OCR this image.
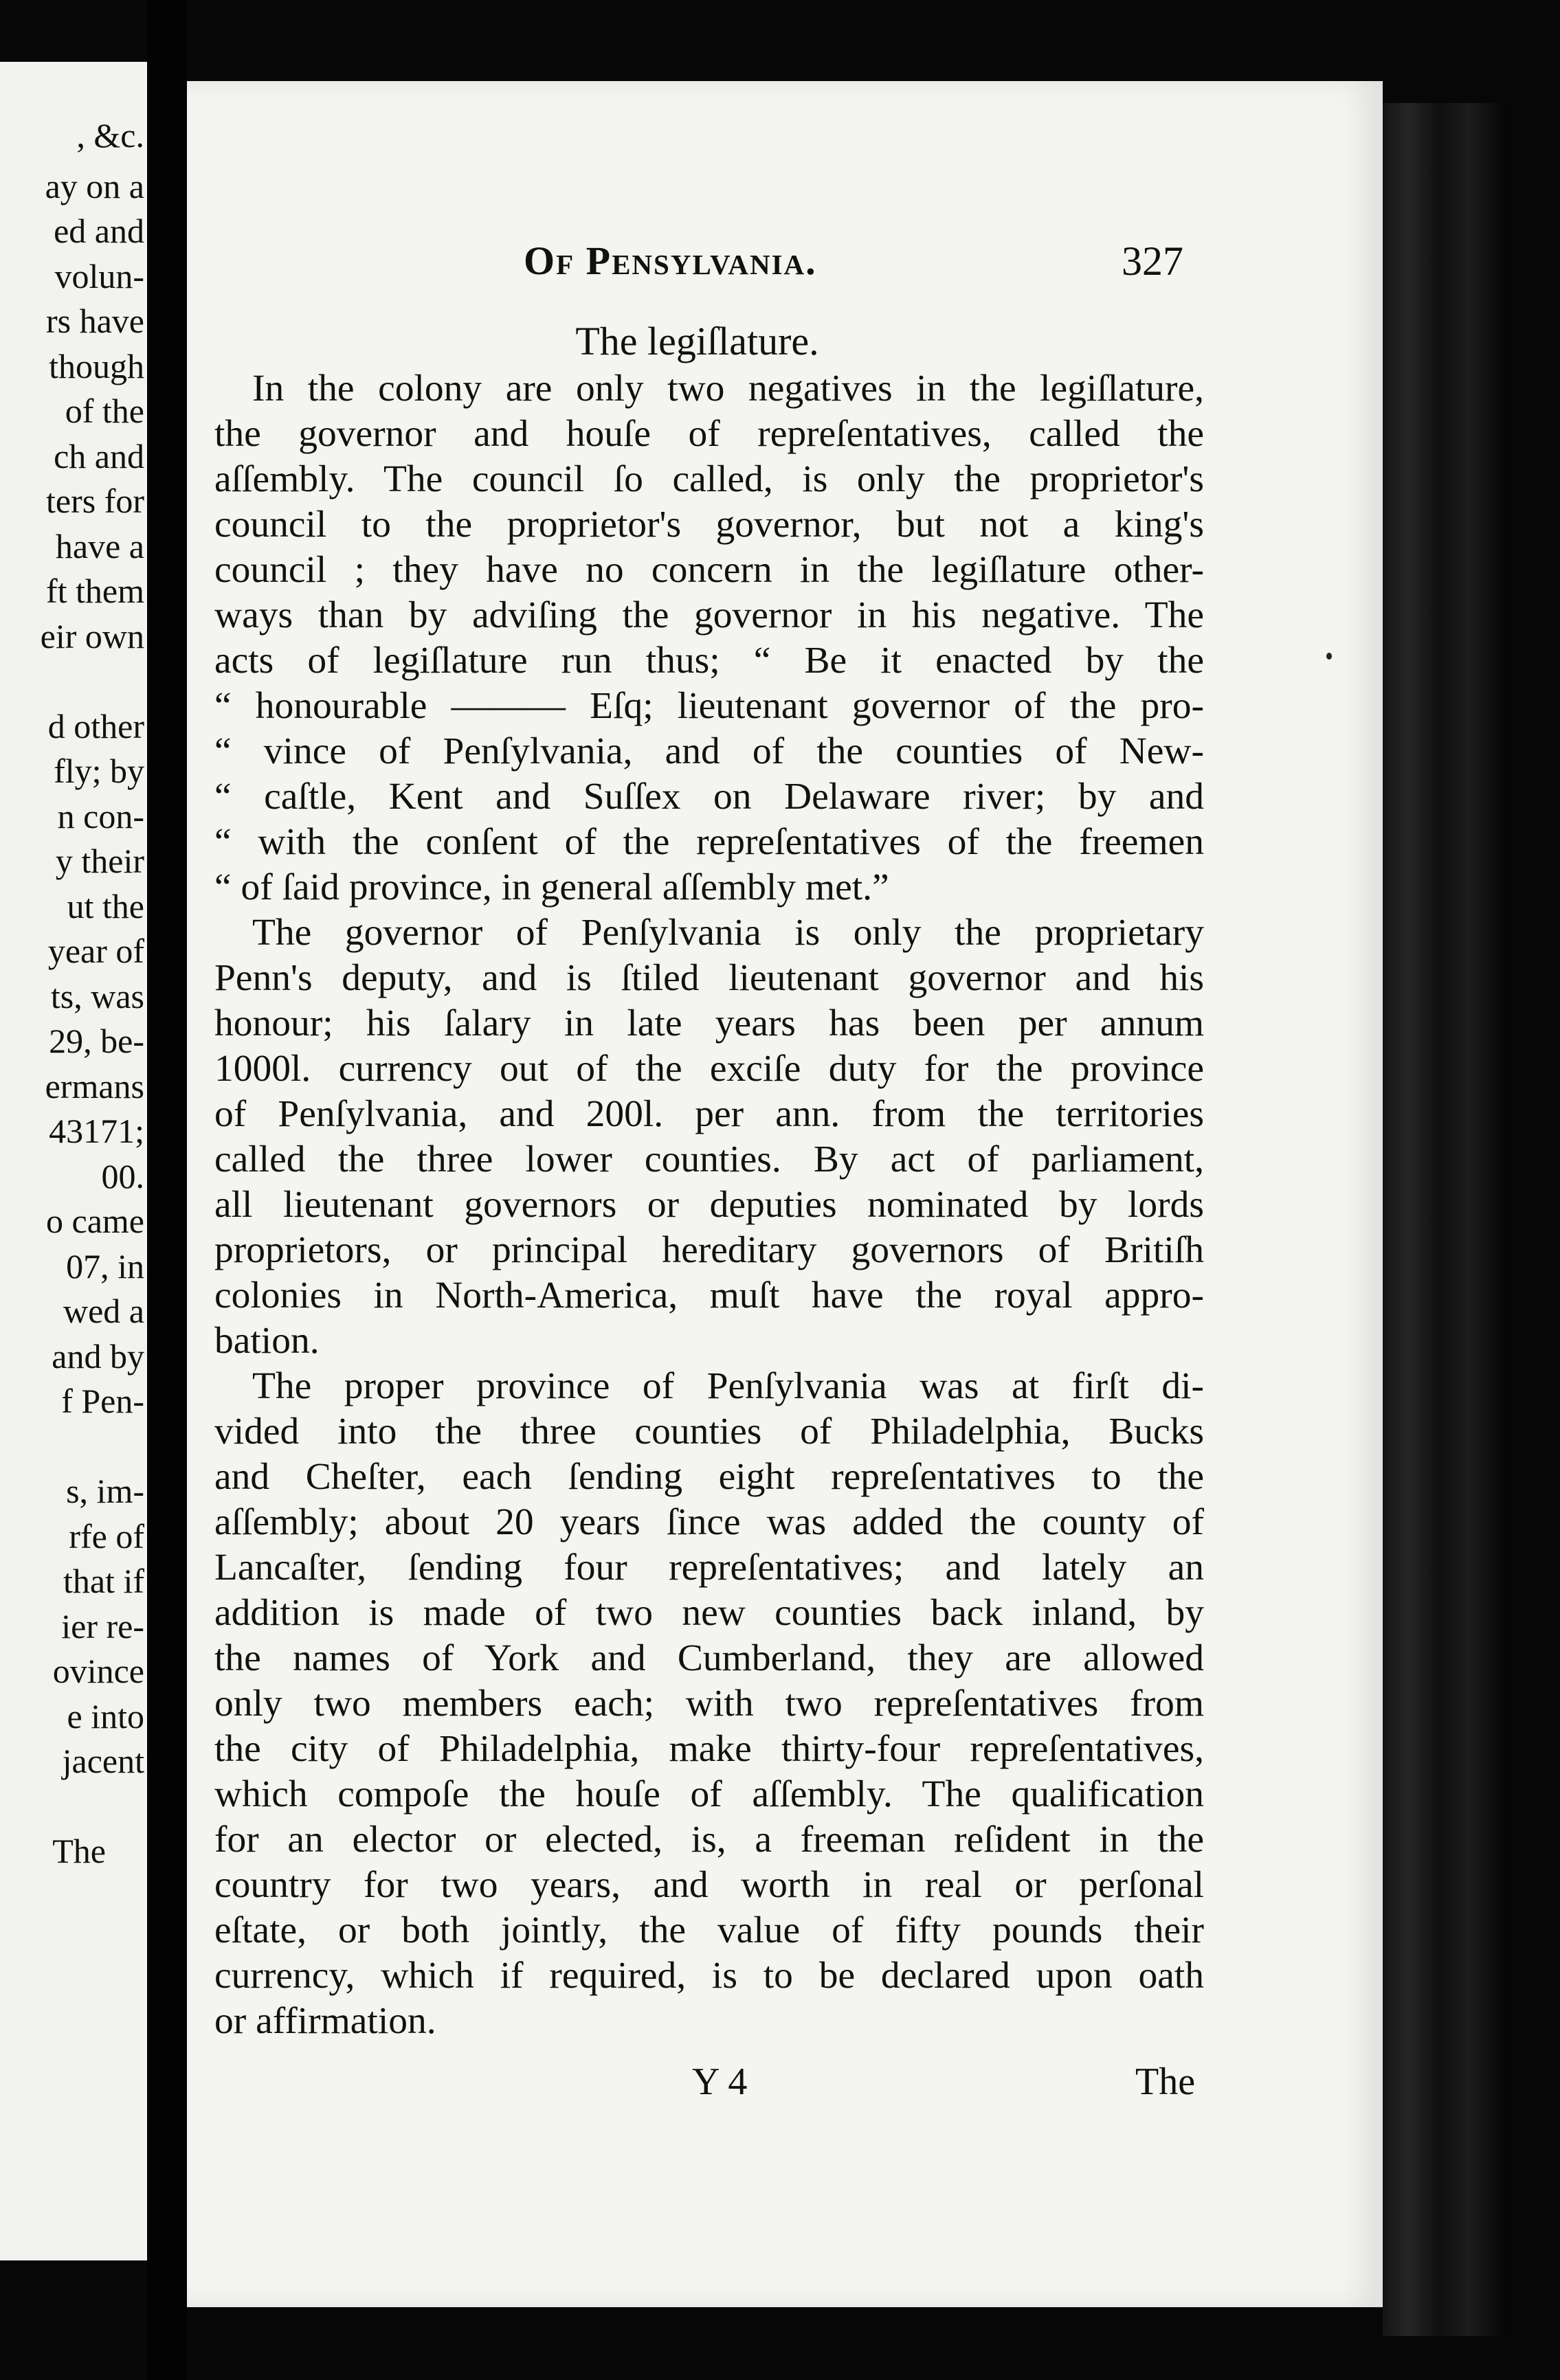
, &c.
ay on a
ed and
volun-
rs have
though
of the
ch and
ters for
have a
ft them
eir own
d other
fly; by
n con-
y their
ut the
year of
ts, was
29, be-
ermans
43171;
00.
o came
07, in
wed a
and by
f Pen-
s, im-
rfe of
that if
ier re-
ovince
e into
jacent
The
Of Pensylvania.	327
The legiſlature.
In the colony are only two negatives in the legiſlature,
the governor and houſe of repreſentatives, called the
aſſembly. The council ſo called, is only the proprietor's
council to the proprietor's governor, but not a king's
council ; they have no concern in the legiſlature other-
ways than by adviſing the governor in his negative. The
acts of legiſlature run thus; “ Be it enacted by the
“ honourable ——— Eſq; lieutenant governor of the pro-
“ vince of Penſylvania, and of the counties of New-
“ caſtle, Kent and Suſſex on Delaware river; by and
“ with the conſent of the repreſentatives of the freemen
“ of ſaid province, in general aſſembly met.”
The governor of Penſylvania is only the proprietary
Penn's deputy, and is ſtiled lieutenant governor and his
honour; his ſalary in late years has been per annum
1000l. currency out of the exciſe duty for the province
of Penſylvania, and 200l. per ann. from the territories
called the three lower counties. By act of parliament,
all lieutenant governors or deputies nominated by lords
proprietors, or principal hereditary governors of Britiſh
colonies in North-America, muſt have the royal appro-
bation.
The proper province of Penſylvania was at firſt di-
vided into the three counties of Philadelphia, Bucks
and Cheſter, each ſending eight repreſentatives to the
aſſembly; about 20 years ſince was added the county of
Lancaſter, ſending four repreſentatives; and lately an
addition is made of two new counties back inland, by
the names of York and Cumberland, they are allowed
only two members each; with two repreſentatives from
the city of Philadelphia, make thirty-four repreſentatives,
which compoſe the houſe of aſſembly. The qualification
for an elector or elected, is, a freeman reſident in the
country for two years, and worth in real or perſonal
eſtate, or both jointly, the value of fifty pounds their
currency, which if required, is to be declared upon oath
or affirmation.
Y 4	The
